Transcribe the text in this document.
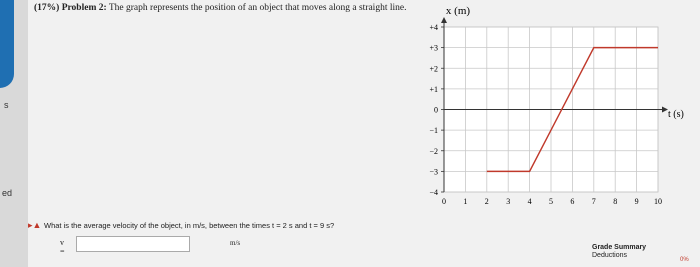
s
ed
(17%) Problem 2: The graph represents the position of an object that moves along a straight line.
+4
+3
+2
+1
0
−1
−2
−3
−4
0 1 2 3 4 5 6 7 8 9 10
x (m)
t (s)
▸▲ What is the average velocity of the object, in m/s, between the times t = 2 s and t = 9 s?
v =
m/s
Grade Summary
Deductions
0%
